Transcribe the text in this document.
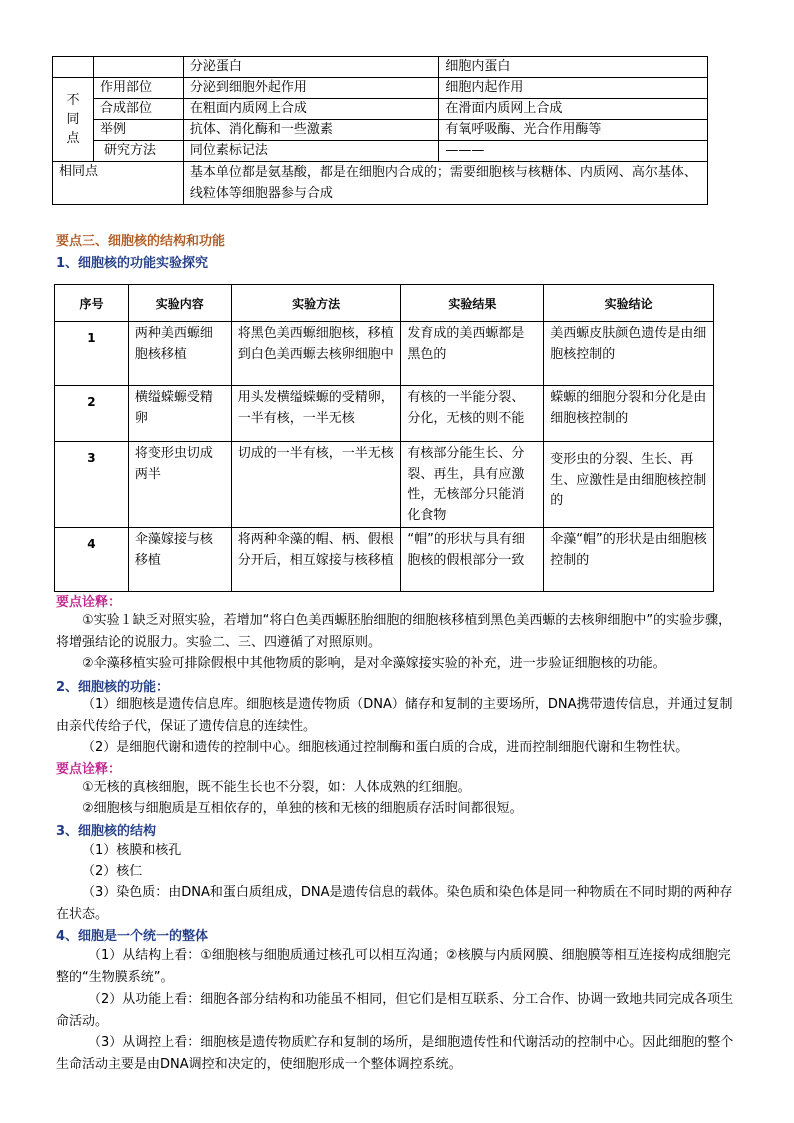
		分泌蛋白	细胞内蛋白

不同点	作用部位	分泌到细胞外起作用	细胞内起作用
	合成部位	在粗面内质网上合成	在滑面内质网上合成
	举例	抗体、消化酶和一些激素	有氧呼吸酶、光合作用酶等
	研究方法	同位素标记法	———
相同点		基本单位都是氨基酸，都是在细胞内合成的；需要细胞核与核糖体、内质网、高尔基体、线粒体等细胞器参与合成	
要点三、细胞核的结构和功能
1、细胞核的功能实验探究
序号	实验内容	实验方法	实验结果	实验结论
1	两种美西螈细胞核移植	将黑色美西螈细胞核，移植到白色美西螈去核卵细胞中	发育成的美西螈都是黑色的	美西螈皮肤颜色遗传是由细胞核控制的
2	横缢蝾螈受精卵	用头发横缢蝾螈的受精卵，一半有核，一半无核	有核的一半能分裂、分化，无核的则不能	蝾螈的细胞分裂和分化是由细胞核控制的
3	将变形虫切成两半	切成的一半有核，一半无核	有核部分能生长、分裂、再生，具有应激性，无核部分只能消化食物	变形虫的分裂、生长、再生、应激性是由细胞核控制的
4	伞藻嫁接与核移植	将两种伞藻的帽、柄、假根分开后，相互嫁接与核移植	“帽”的形状与具有细胞核的假根部分一致	伞藻“帽”的形状是由细胞核控制的
要点诠释：
①实验１缺乏对照实验，若增加“将白色美西螈胚胎细胞的细胞核移植到黑色美西螈的去核卵细胞中”的实验步骤，将增强结论的说服力。实验二、三、四遵循了对照原则。
②伞藻移植实验可排除假根中其他物质的影响，是对伞藻嫁接实验的补充，进一步验证细胞核的功能。
2、细胞核的功能：
（1）细胞核是遗传信息库。细胞核是遗传物质（DNA）储存和复制的主要场所，DNA携带遗传信息，并通过复制由亲代传给子代，保证了遗传信息的连续性。
（2）是细胞代谢和遗传的控制中心。细胞核通过控制酶和蛋白质的合成，进而控制细胞代谢和生物性状。
要点诠释：
①无核的真核细胞，既不能生长也不分裂，如：人体成熟的红细胞。
②细胞核与细胞质是互相依存的，单独的核和无核的细胞质存活时间都很短。
3、细胞核的结构
（1）核膜和核孔
（2）核仁
（3）染色质：由DNA和蛋白质组成，DNA是遗传信息的载体。染色质和染色体是同一种物质在不同时期的两种存在状态。
4、细胞是一个统一的整体
（1）从结构上看：①细胞核与细胞质通过核孔可以相互沟通；②核膜与内质网膜、细胞膜等相互连接构成细胞完整的“生物膜系统”。
（2）从功能上看：细胞各部分结构和功能虽不相同，但它们是相互联系、分工合作、协调一致地共同完成各项生命活动。
（3）从调控上看：细胞核是遗传物质贮存和复制的场所，是细胞遗传性和代谢活动的控制中心。因此细胞的整个生命活动主要是由DNA调控和决定的，使细胞形成一个整体调控系统。
